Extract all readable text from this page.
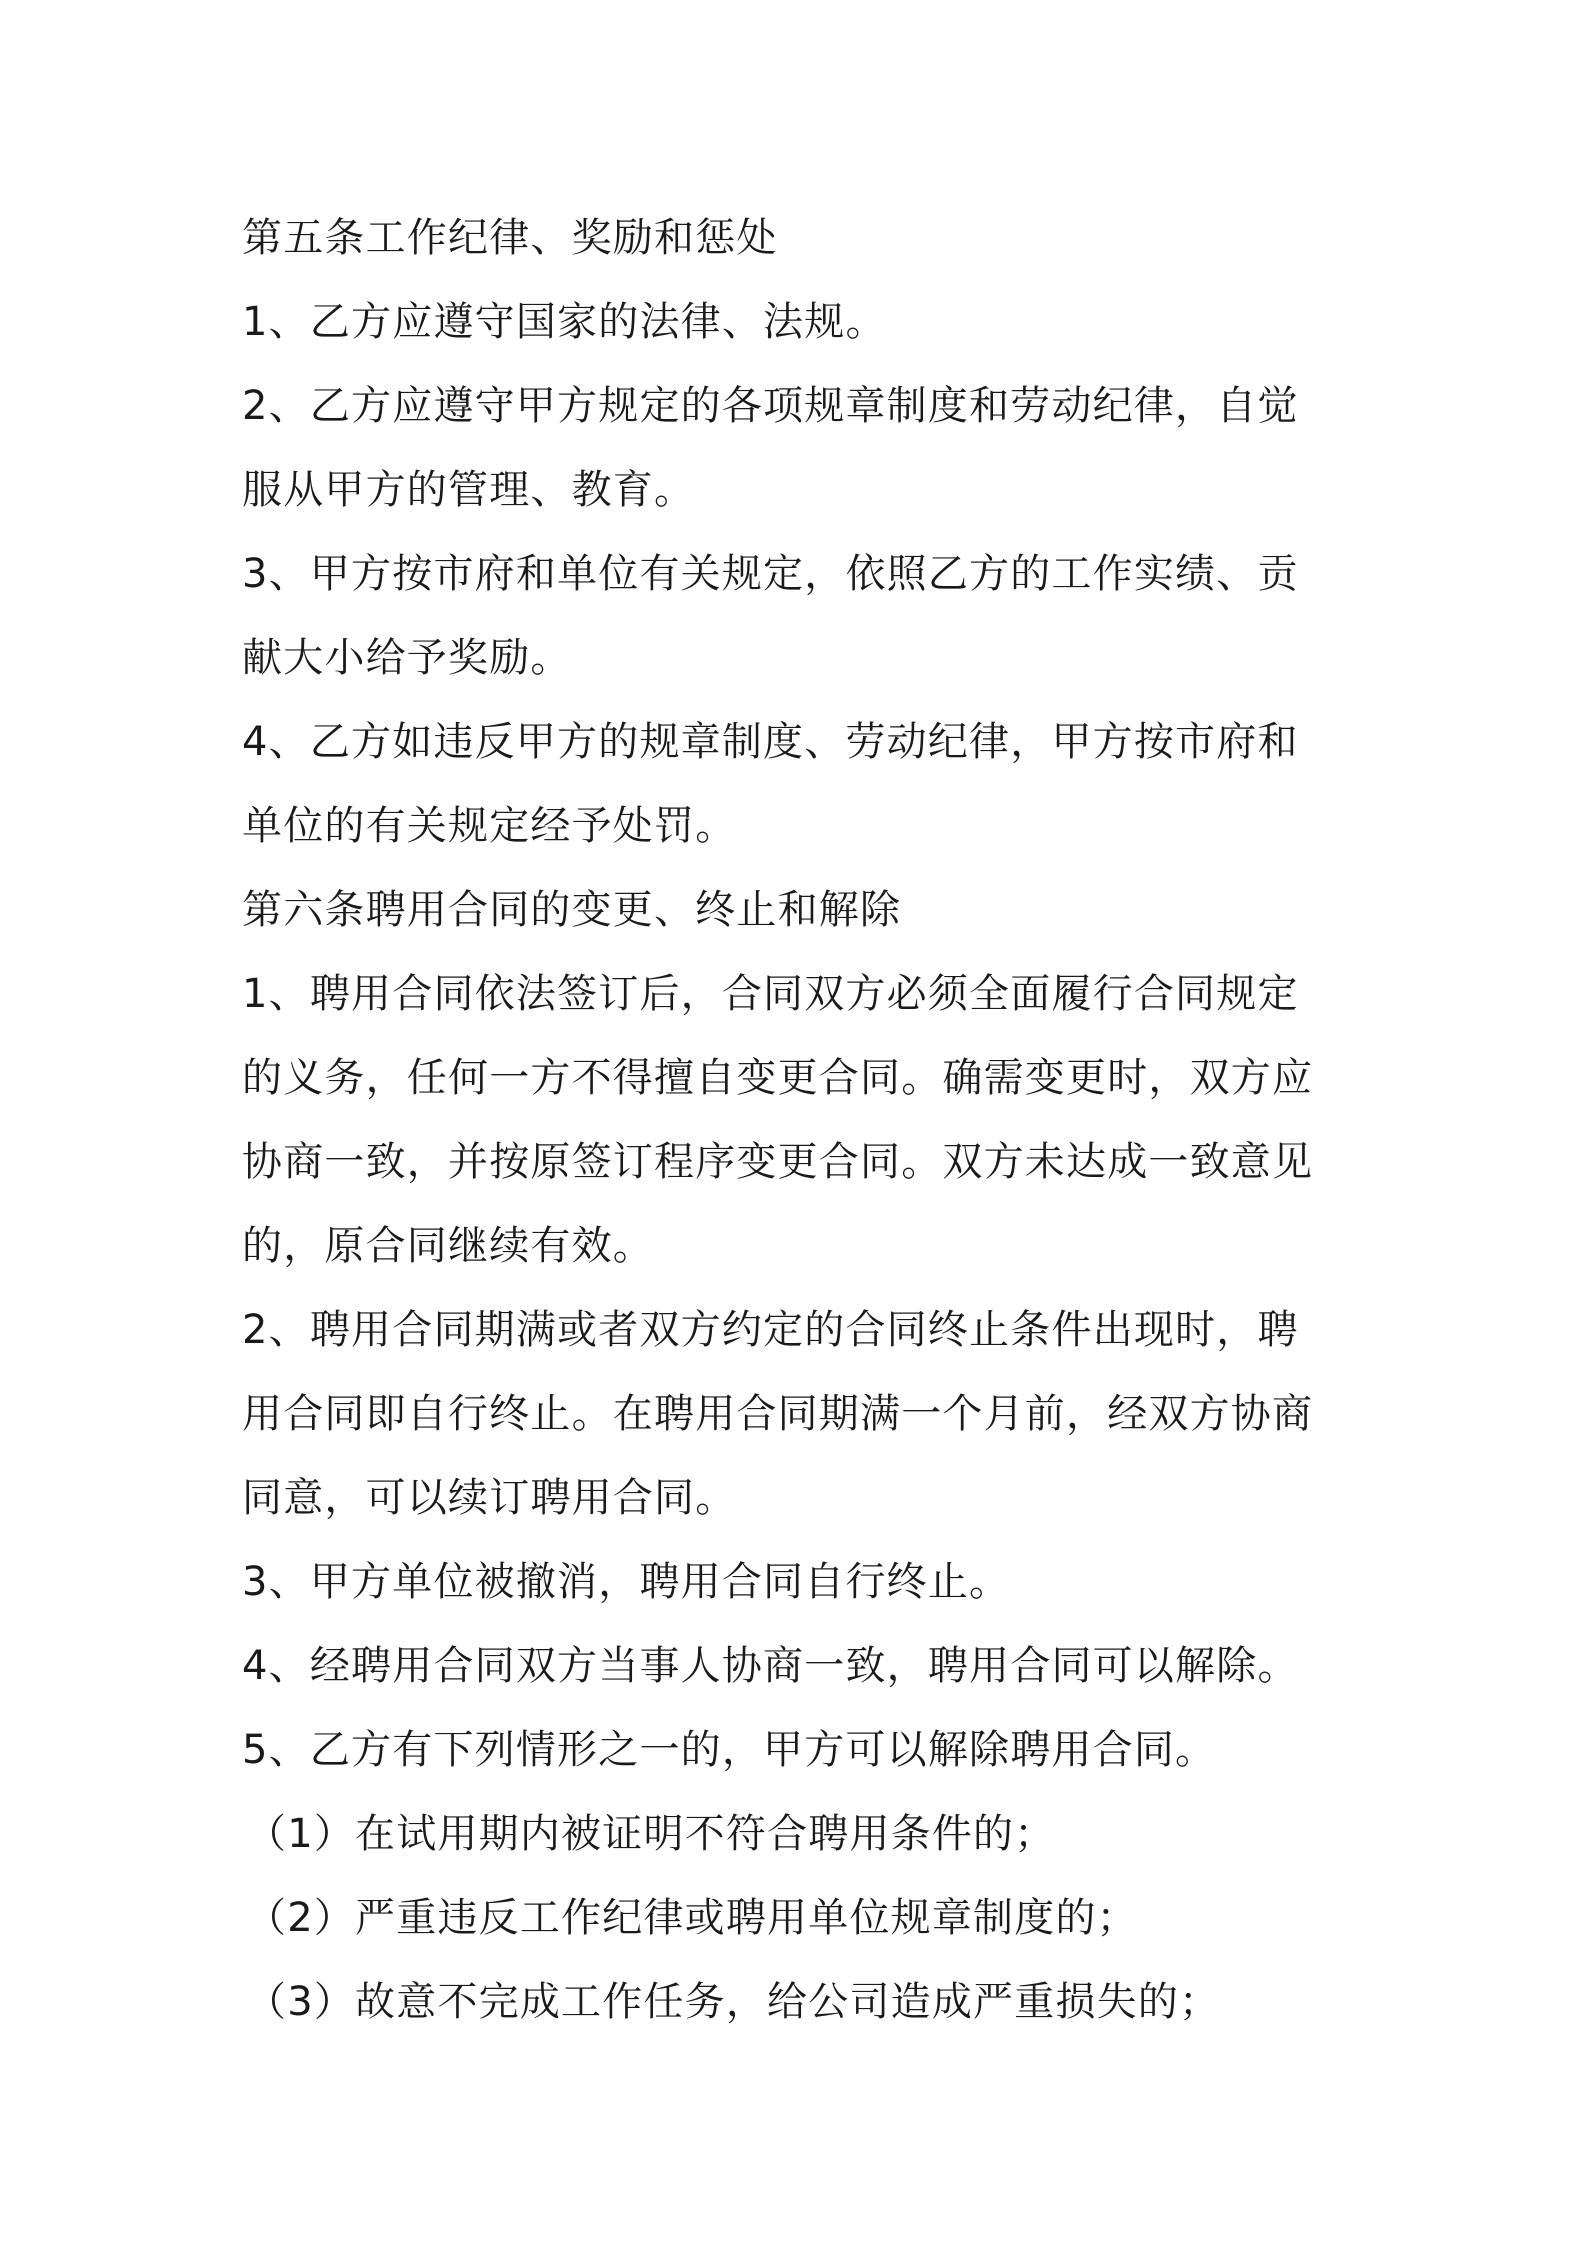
第五条工作纪律、奖励和惩处

1、乙方应遵守国家的法律、法规。

2、乙方应遵守甲方规定的各项规章制度和劳动纪律，自觉

服从甲方的管理、教育。

3、甲方按市府和单位有关规定，依照乙方的工作实绩、贡

献大小给予奖励。

4、乙方如违反甲方的规章制度、劳动纪律，甲方按市府和

单位的有关规定经予处罚。

第六条聘用合同的变更、终止和解除

1、聘用合同依法签订后，合同双方必须全面履行合同规定

的义务，任何一方不得擅自变更合同。确需变更时，双方应

协商一致，并按原签订程序变更合同。双方未达成一致意见

的，原合同继续有效。

2、聘用合同期满或者双方约定的合同终止条件出现时，聘

用合同即自行终止。在聘用合同期满一个月前，经双方协商

同意，可以续订聘用合同。

3、甲方单位被撤消，聘用合同自行终止。

4、经聘用合同双方当事人协商一致，聘用合同可以解除。

5、乙方有下列情形之一的，甲方可以解除聘用合同。

（1）在试用期内被证明不符合聘用条件的；

（2）严重违反工作纪律或聘用单位规章制度的；

（3）故意不完成工作任务，给公司造成严重损失的；
